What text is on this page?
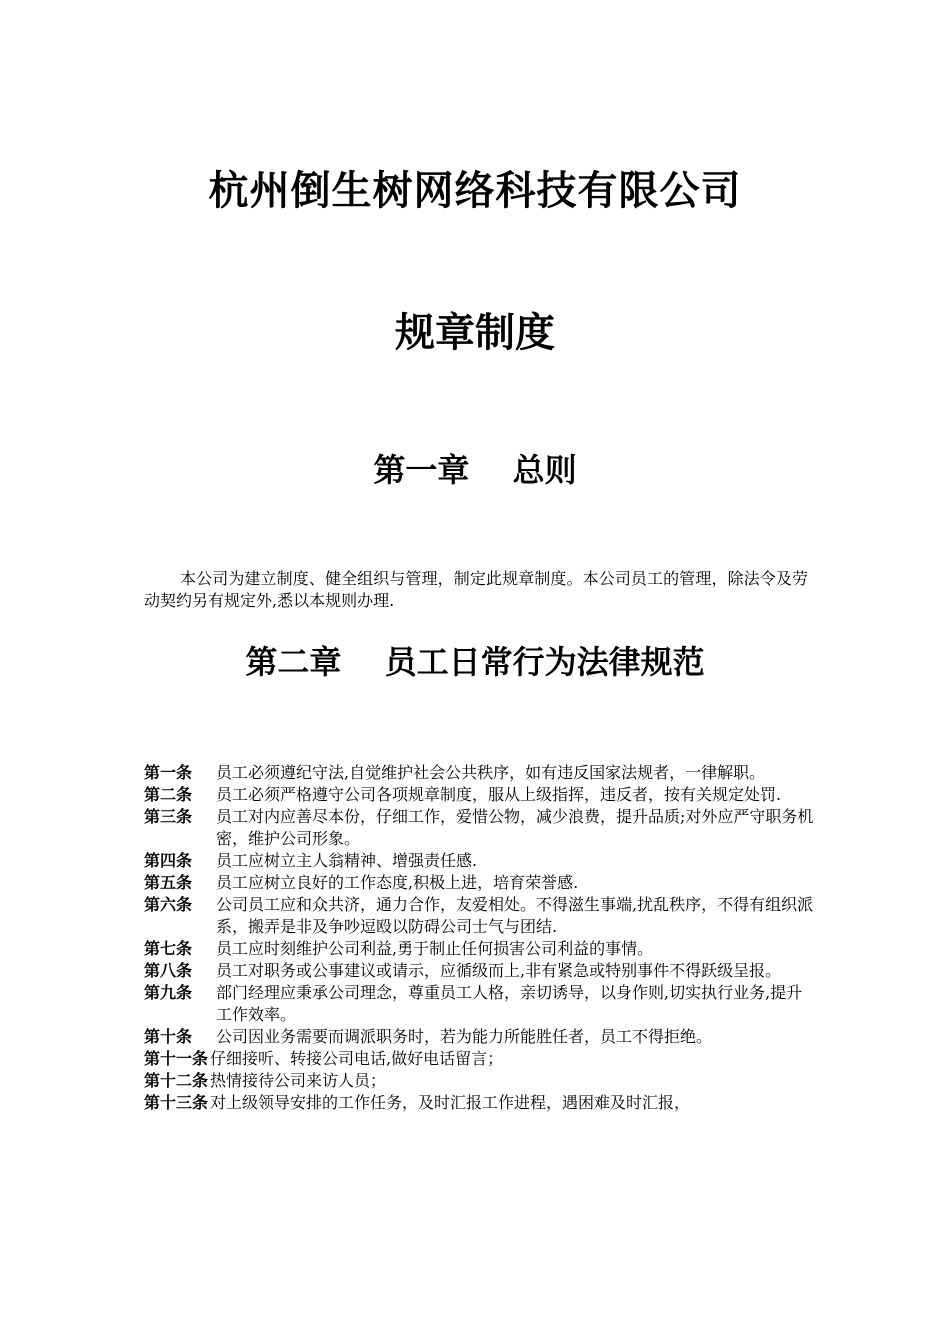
杭州倒生树网络科技有限公司
规章制度
第一章　 总则

本公司为建立制度、健全组织与管理，制定此规章制度。本公司员工的管理，除法令及劳动契约另有规定外,悉以本规则办理.

第二章　 员工日常行为法律规范
第一条 员工必须遵纪守法,自觉维护社会公共秩序，如有违反国家法规者，一律解职。
第二条 员工必须严格遵守公司各项规章制度，服从上级指挥，违反者，按有关规定处罚.
第三条 员工对内应善尽本份，仔细工作，爱惜公物，减少浪费，提升品质;对外应严守职务机密，维护公司形象。
第四条 员工应树立主人翁精神、增强责任感.
第五条 员工应树立良好的工作态度,积极上进，培育荣誉感.
第六条 公司员工应和众共济，通力合作，友爱相处。不得滋生事端,扰乱秩序，不得有组织派系，搬弄是非及争吵逗殴以防碍公司士气与团结.
第七条 员工应时刻维护公司利益,勇于制止任何损害公司利益的事情。
第八条 员工对职务或公事建议或请示，应循级而上,非有紧急或特别事件不得跃级呈报。
第九条 部门经理应秉承公司理念，尊重员工人格，亲切诱导，以身作则,切实执行业务,提升工作效率。
第十条 公司因业务需要而调派职务时，若为能力所能胜任者，员工不得拒绝。
第十一条 仔细接听、转接公司电话,做好电话留言；
第十二条 热情接待公司来访人员；
第十三条 对上级领导安排的工作任务，及时汇报工作进程，遇困难及时汇报，
